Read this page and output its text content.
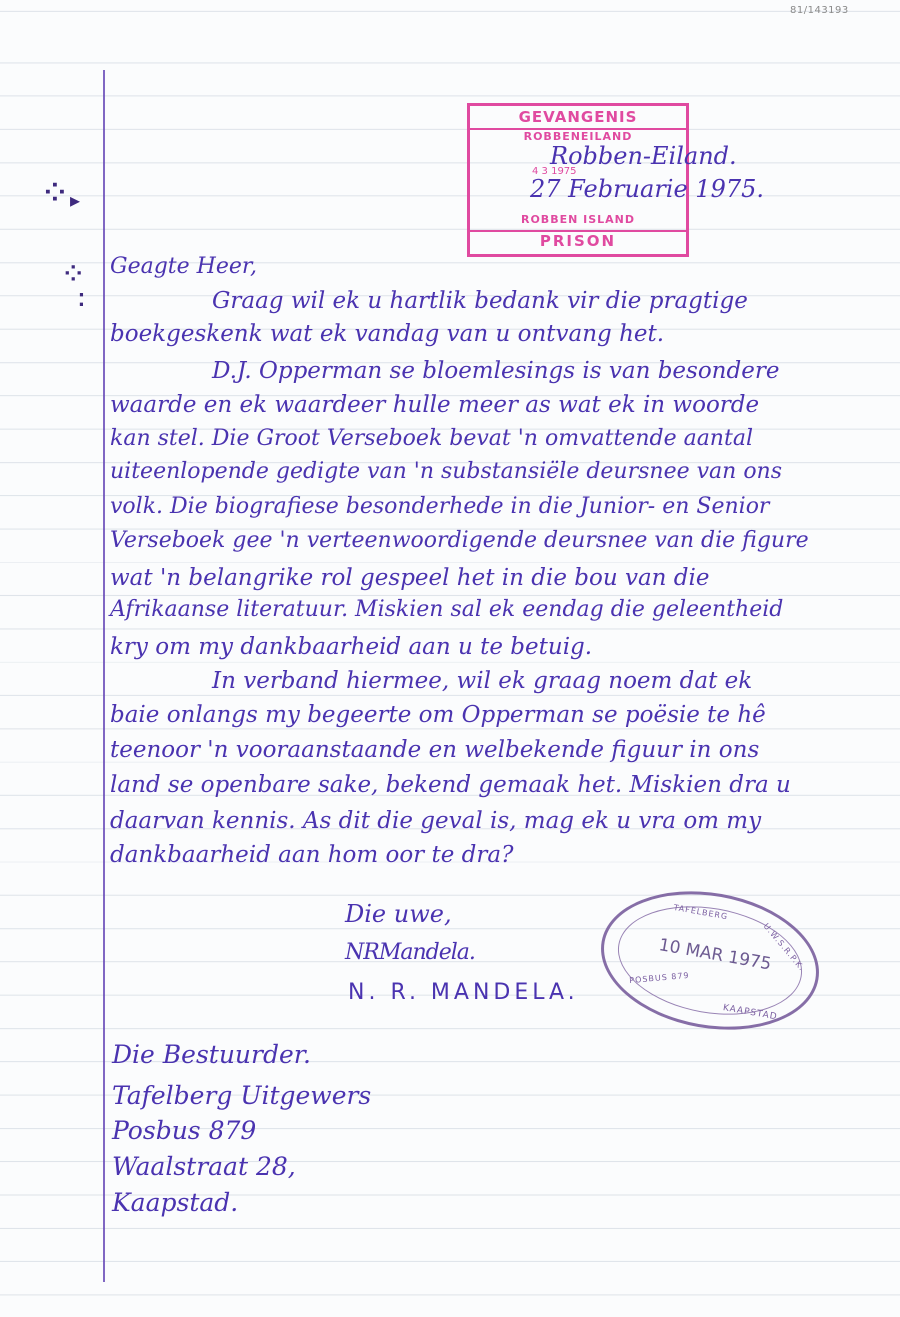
81/143193
⁘ ▸
⁘
⁚
GEVANGENIS
ROBBENEILAND
4 3 1975
ROBBEN ISLAND
PRISON
Robben-Eiland.
27 Februarie 1975.
Geagte Heer,
Graag wil ek u hartlik bedank vir die pragtige
boekgeskenk wat ek vandag van u ontvang het.
D.J. Opperman se bloemlesings is van besondere
waarde en ek waardeer hulle meer as wat ek in woorde
kan stel. Die Groot Verseboek bevat 'n omvattende aantal
uiteenlopende gedigte van 'n substansiële deursnee van ons
volk. Die biografiese besonderhede in die Junior- en Senior
Verseboek gee 'n verteenwoordigende deursnee van die figure
wat 'n belangrike rol gespeel het in die bou van die
Afrikaanse literatuur. Miskien sal ek eendag die geleentheid
kry om my dankbaarheid aan u te betuig.
In verband hiermee, wil ek graag noem dat ek
baie onlangs my begeerte om Opperman se poësie te hê
teenoor 'n vooraanstaande en welbekende figuur in ons
land se openbare sake, bekend gemaak het. Miskien dra u
daarvan kennis. As dit die geval is, mag ek u vra om my
dankbaarheid aan hom oor te dra?
Die uwe,
NRMandela.
N. R. MANDELA.
TAFELBERG
U.W.S.R.P.K.
10 MAR 1975
POSBUS 879
KAAPSTAD
Die Bestuurder.
Tafelberg Uitgewers
Posbus 879
Waalstraat 28,
Kaapstad.
